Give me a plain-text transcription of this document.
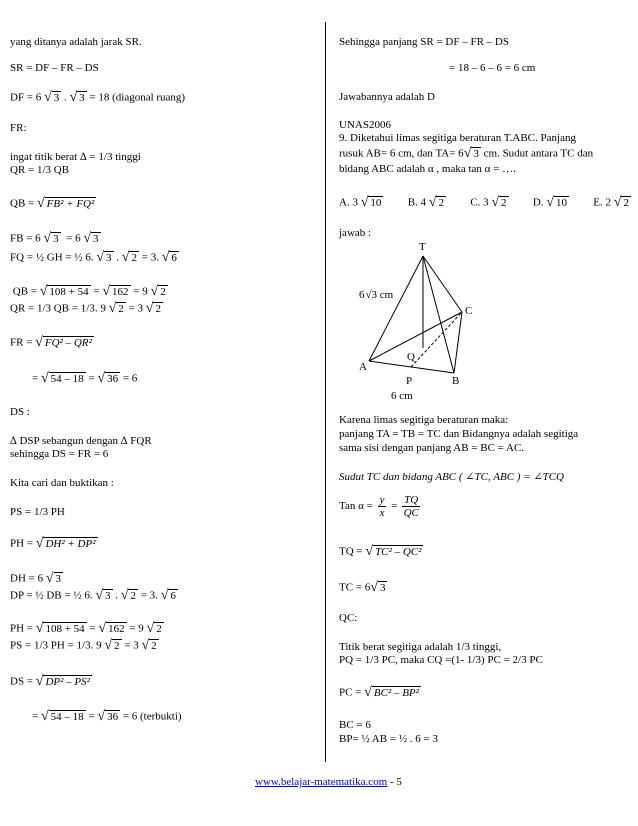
yang ditanya adalah jarak SR.
SR = DF – FR – DS
DF = 6 √ 3 . √ 3 = 18 (diagonal ruang)
FR:
ingat titik berat ∆ = 1/3 tinggi
QR = 1/3 QB
QB = √ FB² + FQ²
FB = 6 √ 3 = 6 √ 3
FQ = ½ GH = ½ 6. √ 3 . √ 2 = 3. √ 6
QB = √ 108 + 54 = √ 162 = 9 √ 2
QR = 1/3 QB = 1/3. 9 √ 2 = 3 √ 2
FR = √ FQ² – QR²
= √ 54 – 18 = √ 36 = 6
DS :
∆ DSP sebangun dengan ∆ FQR
sehingga DS = FR = 6
Kita cari dan buktikan :
PS = 1/3 PH
PH = √ DH² + DP²
DH = 6 √ 3
DP = ½ DB = ½ 6. √ 3 . √ 2 = 3. √ 6
PH = √ 108 + 54 = √ 162 = 9 √ 2
PS = 1/3 PH = 1/3. 9 √ 2 = 3 √ 2
DS = √ DP² – PS²
= √ 54 – 18 = √ 36 = 6 (terbukti)
Sehingga panjang SR = DF – FR – DS
= 18 – 6 – 6 = 6 cm
Jawabannya adalah D
UNAS2006
9. Diketahui limas segitiga beraturan T.ABC. Panjang
rusuk AB= 6 cm, dan TA= 6 √ 3 cm. Sudut antara TC dan
bidang ABC adalah α , maka tan α = ….
A. 3 √ 10 B. 4 √ 2 C. 3 √ 2 D. √ 10 E. 2 √ 2
jawab :
T
A
B
C
P
Q
6√3 cm
6 cm
Karena limas segitiga beraturan maka:
panjang TA = TB = TC dan Bidangnya adalah segitiga
sama sisi dengan panjang AB = BC = AC.
Sudut TC dan bidang ABC ( ∠TC, ABC ) = ∠TCQ
Tan $\alpha = \frac{y}{x} = \frac{TQ}{QC}$
TQ = √ TC² – QC²
TC = 6 √ 3
QC:
Titik berat segitiga adalah 1/3 tinggi,
PQ = 1/3 PC, maka CQ =(1- 1/3) PC = 2/3 PC
PC = √ BC² – BP²
BC = 6
BP= ½ AB = ½ . 6 = 3
www.belajar-matematika.com - 5
